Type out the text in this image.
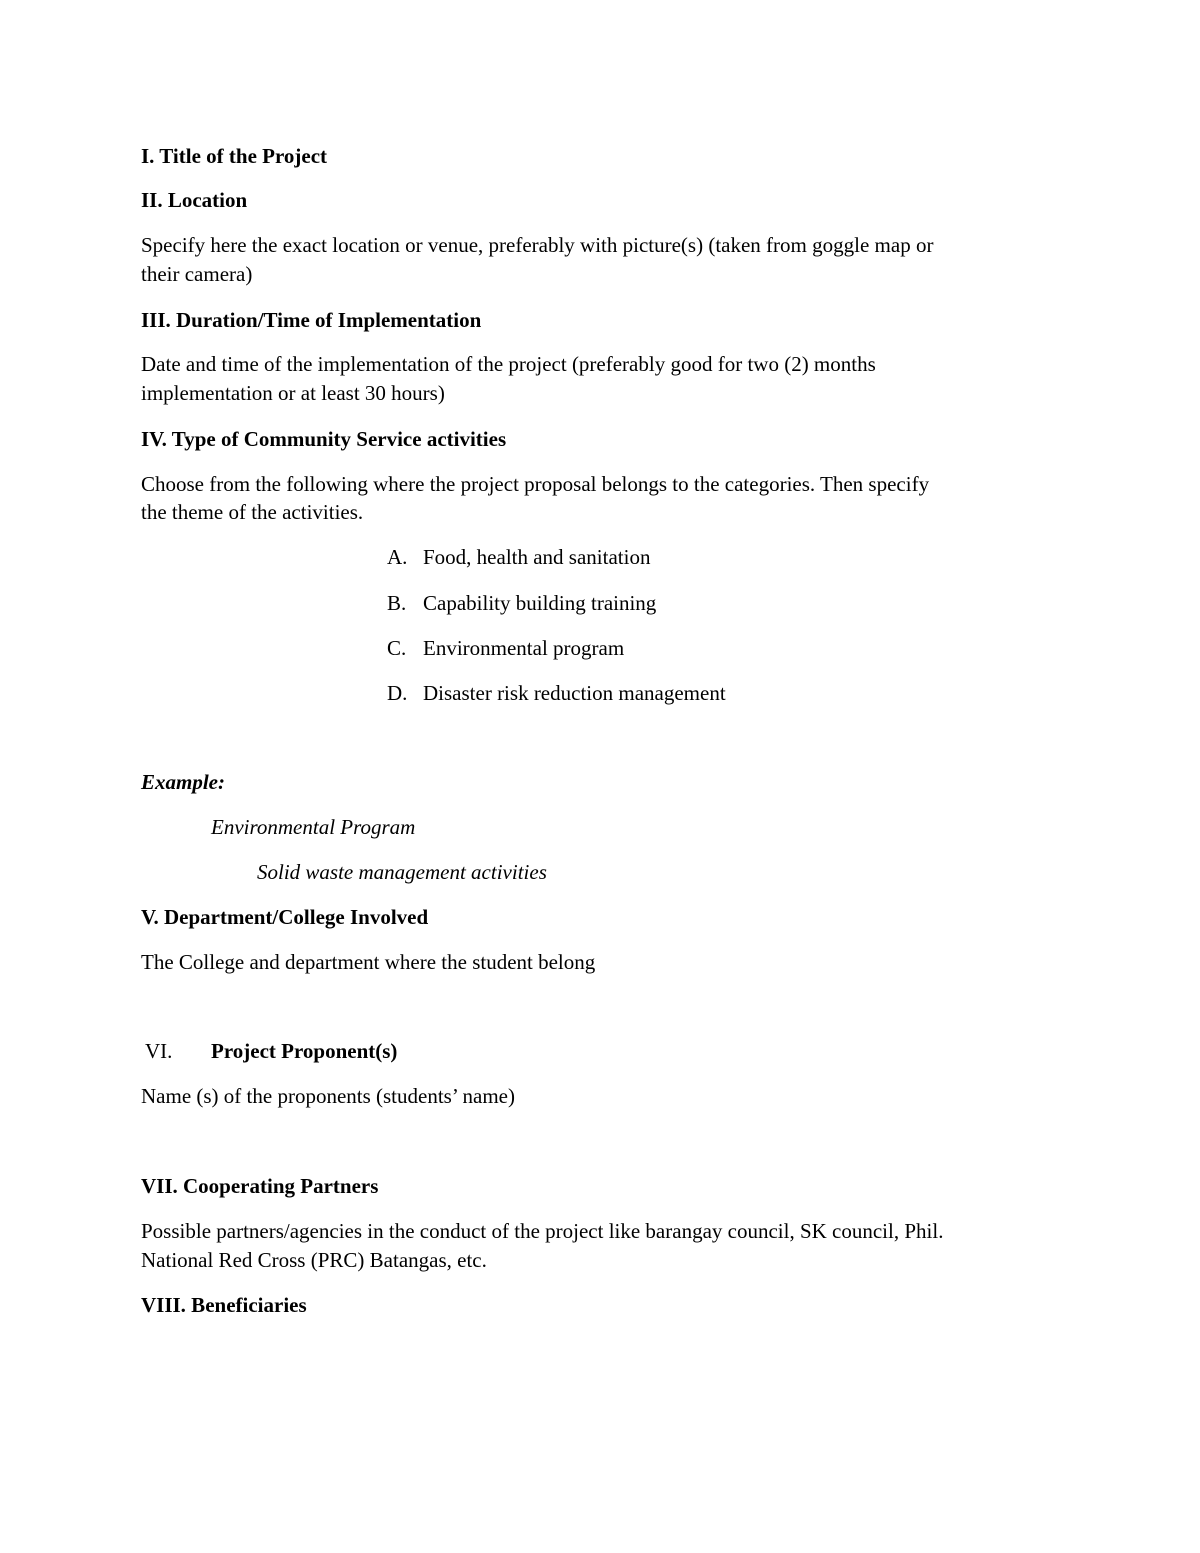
I. Title of the Project
II. Location
Specify here the exact location or venue, preferably with picture(s) (taken from goggle map or
their camera)
III. Duration/Time of Implementation
Date and time of the implementation of the project (preferably good for two (2) months
implementation or at least 30 hours)
IV. Type of Community Service activities
Choose from the following where the project proposal belongs to the categories. Then specify
the theme of the activities.
A. Food, health and sanitation
B. Capability building training
C. Environmental program
D. Disaster risk reduction management
Example:
Environmental Program
Solid waste management activities
V. Department/College Involved
The College and department where the student belong
VI. Project Proponent(s)
Name (s) of the proponents (students’ name)
VII. Cooperating Partners
Possible partners/agencies in the conduct of the project like barangay council, SK council, Phil.
National Red Cross (PRC) Batangas, etc.
VIII. Beneficiaries
